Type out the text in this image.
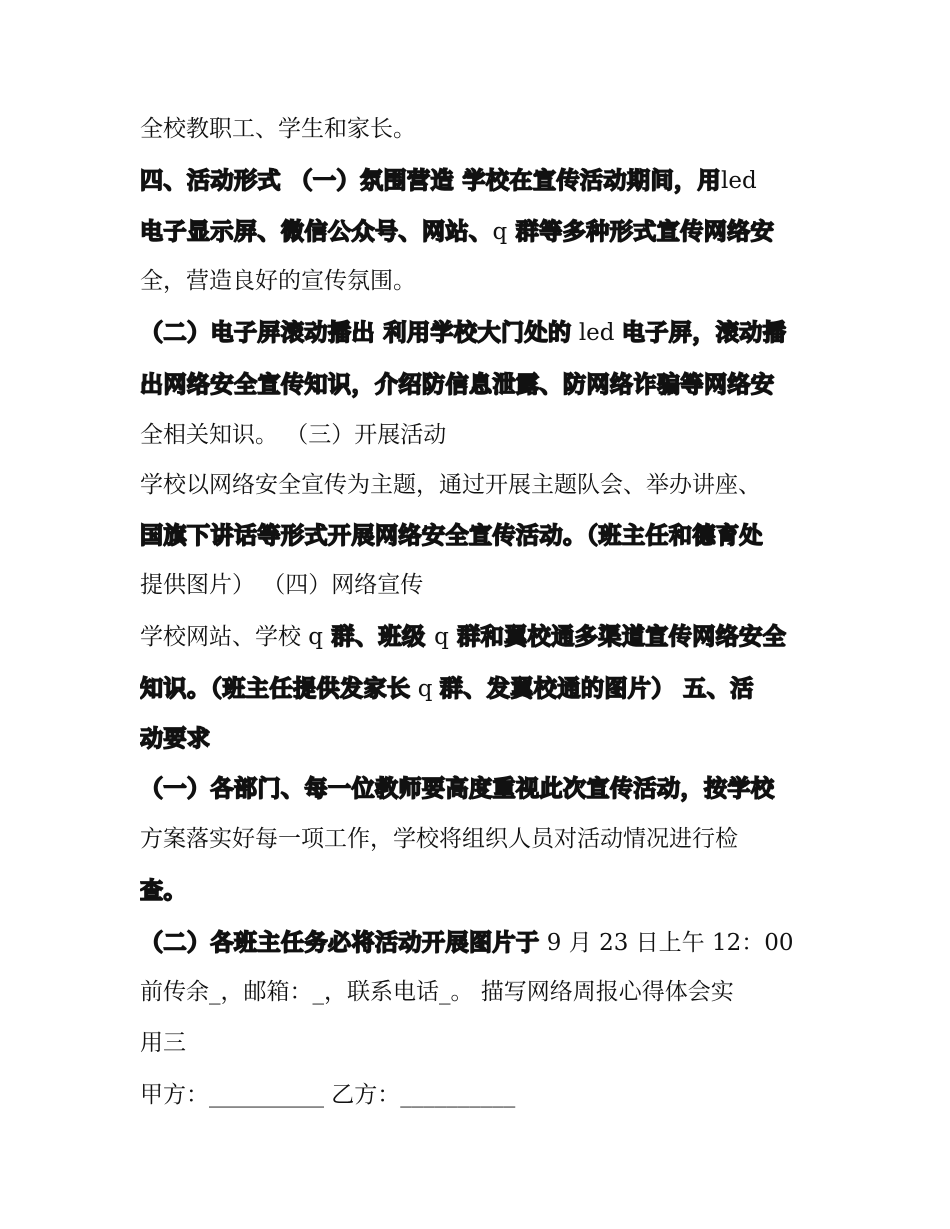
全校教职工、学生和家长。
四、活动形式 （一）氛围营造 学校在宣传活动期间，用led
电子显示屏、微信公众号、网站、q 群等多种形式宣传网络安
全，营造良好的宣传氛围。
（二）电子屏滚动播出 利用学校大门处的 led 电子屏，滚动播
出网络安全宣传知识，介绍防信息泄露、防网络诈骗等网络安
全相关知识。 （三）开展活动
学校以网络安全宣传为主题，通过开展主题队会、举办讲座、
国旗下讲话等形式开展网络安全宣传活动。（班主任和德育处
提供图片） （四）网络宣传
学校网站、学校 q 群、班级 q 群和翼校通多渠道宣传网络安全
知识。（班主任提供发家长 q 群、发翼校通的图片） 五、活
动要求
（一）各部门、每一位教师要高度重视此次宣传活动，按学校
方案落实好每一项工作，学校将组织人员对活动情况进行检
查。
（二）各班主任务必将活动开展图片于 9 月 23 日上午 12：00
前传余_，邮箱：_，联系电话_。 描写网络周报心得体会实
用三
甲方：__________ 乙方：__________
